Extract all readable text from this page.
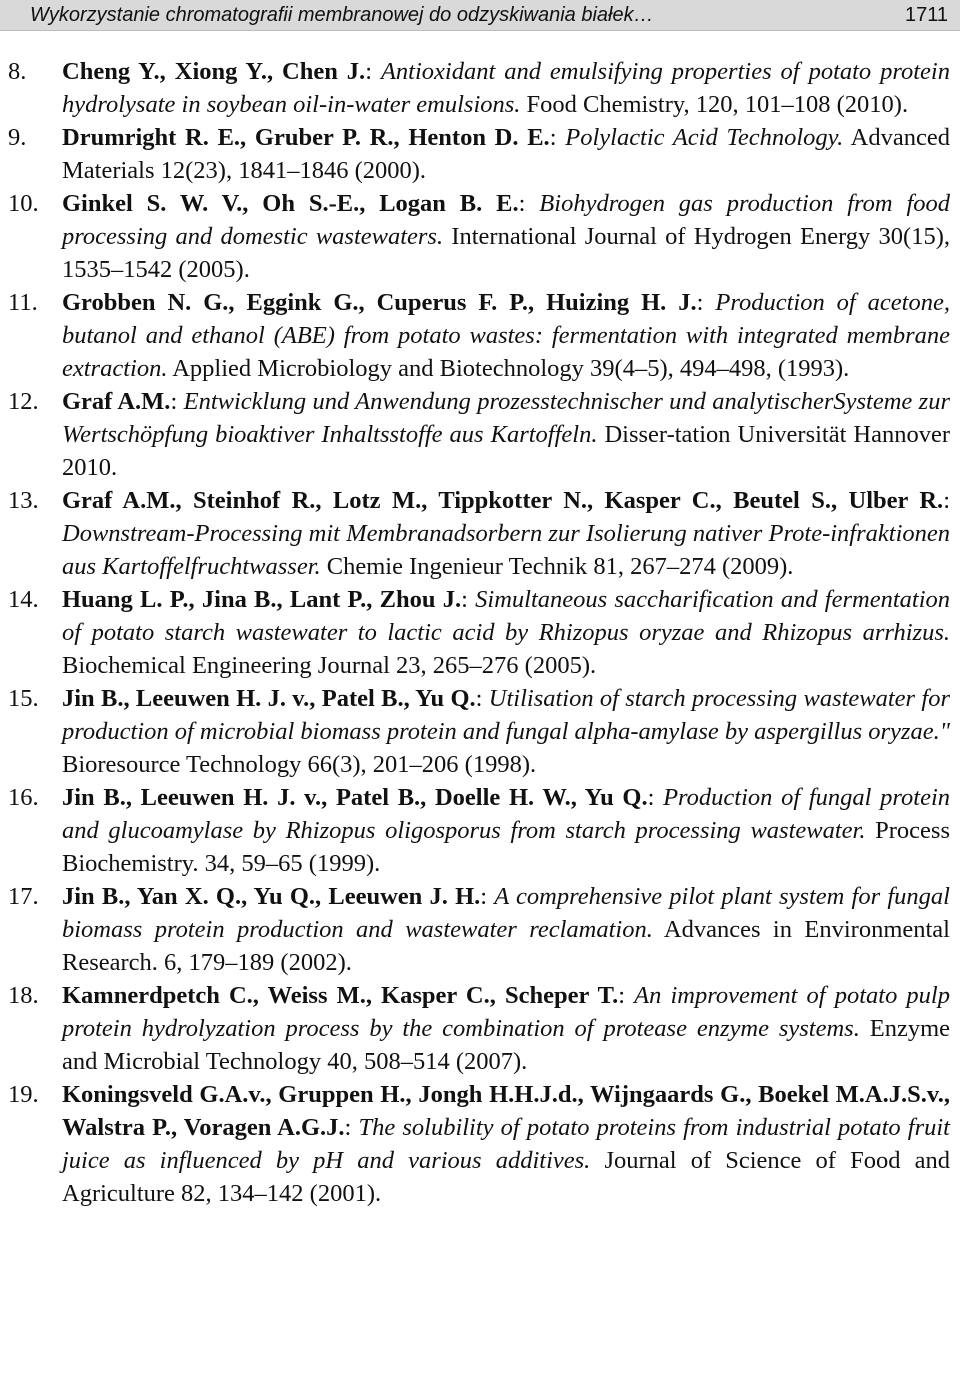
Wykorzystanie chromatografii membranowej do odzyskiwania białek…	1711
8. Cheng Y., Xiong Y., Chen J.: Antioxidant and emulsifying properties of potato protein hydrolysate in soybean oil-in-water emulsions. Food Chemistry, 120, 101–108 (2010).
9. Drumright R. E., Gruber P. R., Henton D. E.: Polylactic Acid Technology. Advanced Materials 12(23), 1841–1846 (2000).
10. Ginkel S. W. V., Oh S.-E., Logan B. E.: Biohydrogen gas production from food processing and domestic wastewaters. International Journal of Hydrogen Energy 30(15), 1535–1542 (2005).
11. Grobben N. G., Eggink G., Cuperus F. P., Huizing H. J.: Production of acetone, butanol and ethanol (ABE) from potato wastes: fermentation with integrated membrane extraction. Applied Microbiology and Biotechnology 39(4–5), 494–498, (1993).
12. Graf A.M.: Entwicklung und Anwendung prozesstechnischer und analytischerSysteme zur Wertschöpfung bioaktiver Inhaltsstoffe aus Kartoffeln. Disser-tation Universität Hannover 2010.
13. Graf A.M., Steinhof R., Lotz M., Tippkotter N., Kasper C., Beutel S., Ulber R.: Downstream-Processing mit Membranadsorbern zur Isolierung nativer Prote-infraktionen aus Kartoffelfruchtwasser. Chemie Ingenieur Technik 81, 267–274 (2009).
14. Huang L. P., Jina B., Lant P., Zhou J.: Simultaneous saccharification and fermentation of potato starch wastewater to lactic acid by Rhizopus oryzae and Rhizopus arrhizus. Biochemical Engineering Journal 23, 265–276 (2005).
15. Jin B., Leeuwen H. J. v., Patel B., Yu Q.: Utilisation of starch processing wastewater for production of microbial biomass protein and fungal alpha-amylase by aspergillus oryzae." Bioresource Technology 66(3), 201–206 (1998).
16. Jin B., Leeuwen H. J. v., Patel B., Doelle H. W., Yu Q.: Production of fungal protein and glucoamylase by Rhizopus oligosporus from starch processing wastewater. Process Biochemistry. 34, 59–65 (1999).
17. Jin B., Yan X. Q., Yu Q., Leeuwen J. H.: A comprehensive pilot plant system for fungal biomass protein production and wastewater reclamation. Advances in Environmental Research. 6, 179–189 (2002).
18. Kamnerdpetch C., Weiss M., Kasper C., Scheper T.: An improvement of potato pulp protein hydrolyzation process by the combination of protease enzyme systems. Enzyme and Microbial Technology 40, 508–514 (2007).
19. Koningsveld G.A.v., Gruppen H., Jongh H.H.J.d., Wijngaards G., Boekel M.A.J.S.v., Walstra P., Voragen A.G.J.: The solubility of potato proteins from industrial potato fruit juice as influenced by pH and various additives. Journal of Science of Food and Agriculture 82, 134–142 (2001).
